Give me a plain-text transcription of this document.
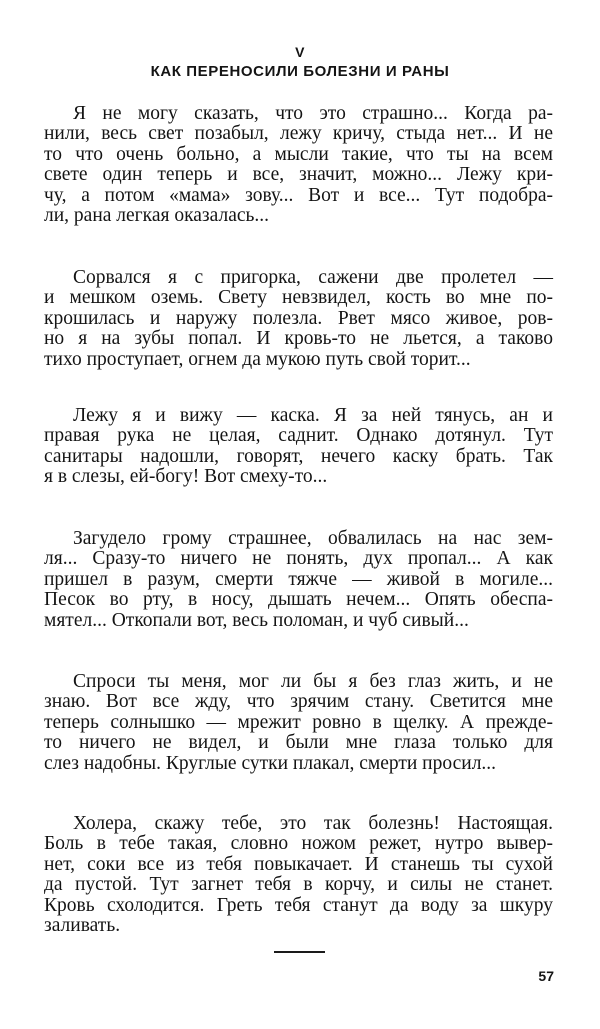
V
КАК ПЕРЕНОСИЛИ БОЛЕЗНИ И РАНЫ
Я не могу сказать, что это страшно... Когда ра-
нили, весь свет позабыл, лежу кричу, стыда нет... И не
то что очень больно, а мысли такие, что ты на всем
свете один теперь и все, значит, можно... Лежу кри-
чу, а потом «мама» зову... Вот и все... Тут подобра-
ли, рана легкая оказалась...
Сорвался я с пригорка, сажени две пролетел —
и мешком оземь. Свету невзвидел, кость во мне по-
крошилась и наружу полезла. Рвет мясо живое, ров-
но я на зубы попал. И кровь-то не льется, а таково
тихо проступает, огнем да мукою путь свой торит...
Лежу я и вижу — каска. Я за ней тянусь, ан и
правая рука не целая, саднит. Однако дотянул. Тут
санитары надошли, говорят, нечего каску брать. Так
я в слезы, ей-богу! Вот смеху-то...
Загудело грому страшнее, обвалилась на нас зем-
ля... Сразу-то ничего не понять, дух пропал... А как
пришел в разум, смерти тяжче — живой в могиле...
Песок во рту, в носу, дышать нечем... Опять обеспа-
мятел... Откопали вот, весь поломан, и чуб сивый...
Спроси ты меня, мог ли бы я без глаз жить, и не
знаю. Вот все жду, что зрячим стану. Светится мне
теперь солнышко — мрежит ровно в щелку. А прежде-
то ничего не видел, и были мне глаза только для
слез надобны. Круглые сутки плакал, смерти просил...
Холера, скажу тебе, это так болезнь! Настоящая.
Боль в тебе такая, словно ножом режет, нутро вывер-
нет, соки все из тебя повыкачает. И станешь ты сухой
да пустой. Тут загнет тебя в корчу, и силы не станет.
Кровь схолодится. Греть тебя станут да воду за шкуру
заливать.
57
